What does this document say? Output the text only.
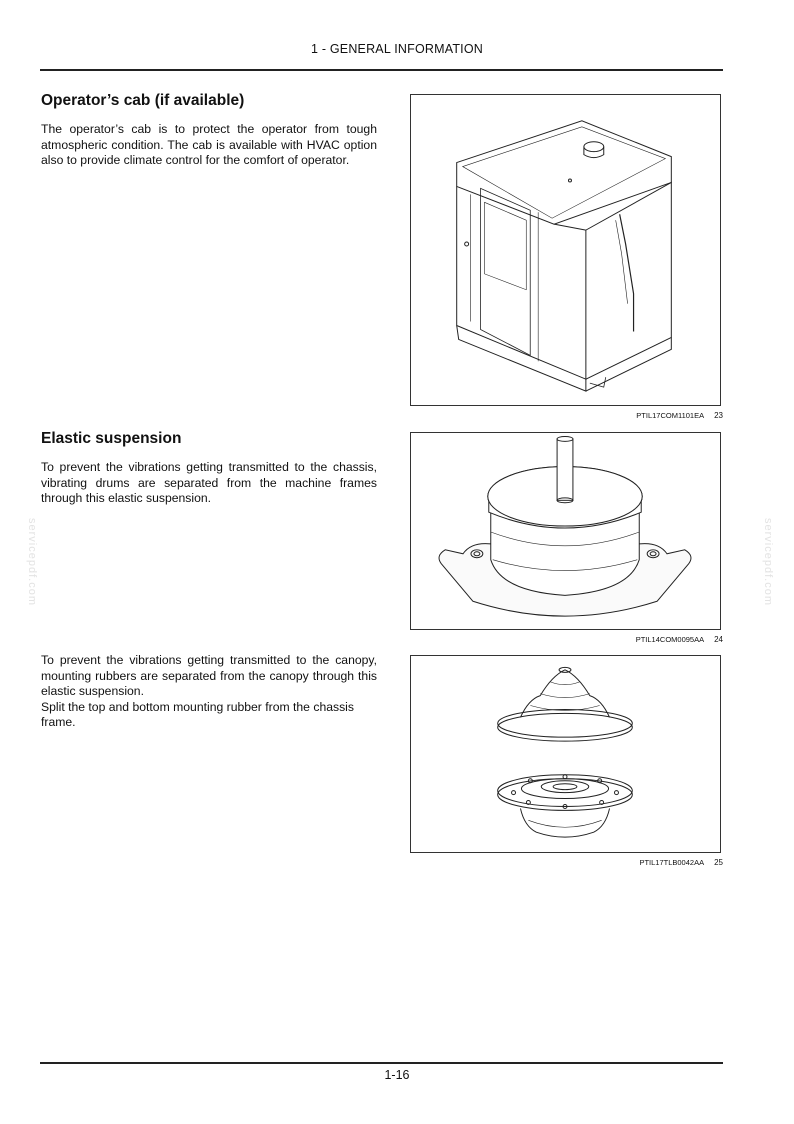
1 - GENERAL INFORMATION
servicepdf.com	servicepdf.com
Operator’s cab (if available)

The operator’s cab is to protect the operator from tough atmospheric condition. The cab is available with HVAC option also to provide climate control for the comfort of operator.

PTIL17COM1101EA 23
Elastic suspension

To prevent the vibrations getting transmitted to the chassis, vibrating drums are separated from the machine frames through this elastic suspension.

PTIL14COM0095AA 24

To prevent the vibrations getting transmitted to the canopy, mounting rubbers are separated from the canopy through this elastic suspension.

Split the top and bottom mounting rubber from the chassis frame.

PTIL17TLB0042AA 25
1-16
